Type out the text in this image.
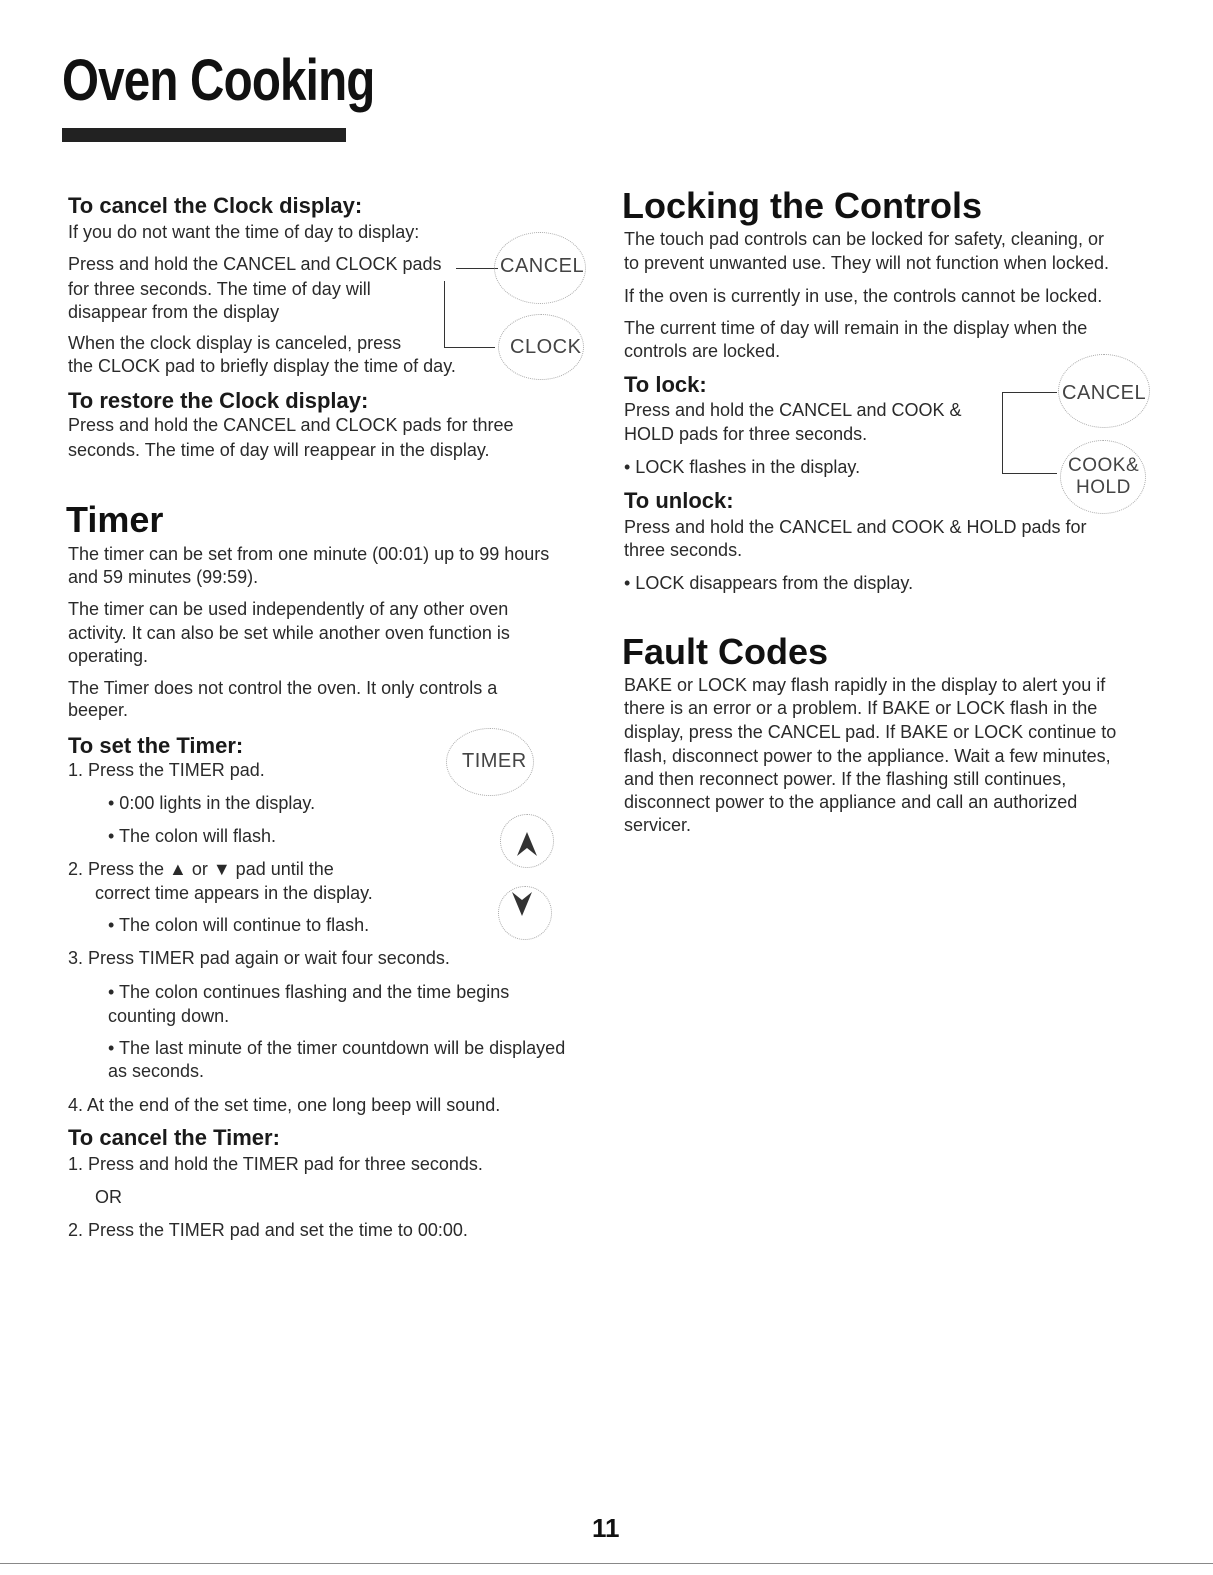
Oven Cooking
To cancel the Clock display:
If you do not want the time of day to display:
Press and hold the CANCEL and CLOCK pads
for three seconds. The time of day will
disappear from the display
When the clock display is canceled, press
the CLOCK pad to briefly display the time of day.
CANCEL
CLOCK
To restore the Clock display:
Press and hold the CANCEL and CLOCK pads for three
seconds. The time of day will reappear in the display.
Timer
The timer can be set from one minute (00:01) up to 99 hours
and 59 minutes (99:59).
The timer can be used independently of any other oven
activity. It can also be set while another oven function is
operating.
The Timer does not control the oven. It only controls a
beeper.
To set the Timer:
1. Press the TIMER pad.
• 0:00 lights in the display.
• The colon will flash.
2. Press the ▲ or ▼ pad until the
correct time appears in the display.
• The colon will continue to flash.
3. Press TIMER pad again or wait four seconds.
• The colon continues flashing and the time begins
counting down.
• The last minute of the timer countdown will be displayed
as seconds.
4. At the end of the set time, one long beep will sound.
TIMER
To cancel the Timer:
1. Press and hold the TIMER pad for three seconds.
OR
2. Press the TIMER pad and set the time to 00:00.
Locking the Controls
The touch pad controls can be locked for safety, cleaning, or
to prevent unwanted use. They will not function when locked.
If the oven is currently in use, the controls cannot be locked.
The current time of day will remain in the display when the
controls are locked.
To lock:
Press and hold the CANCEL and COOK &
HOLD pads for three seconds.
• LOCK flashes in the display.
CANCEL
COOK&
HOLD
To unlock:
Press and hold the CANCEL and COOK & HOLD pads for
three seconds.
• LOCK disappears from the display.
Fault Codes
BAKE or LOCK may flash rapidly in the display to alert you if
there is an error or a problem. If BAKE or LOCK flash in the
display, press the CANCEL pad. If BAKE or LOCK continue to
flash, disconnect power to the appliance. Wait a few minutes,
and then reconnect power. If the flashing still continues,
disconnect power to the appliance and call an authorized
servicer.
11
